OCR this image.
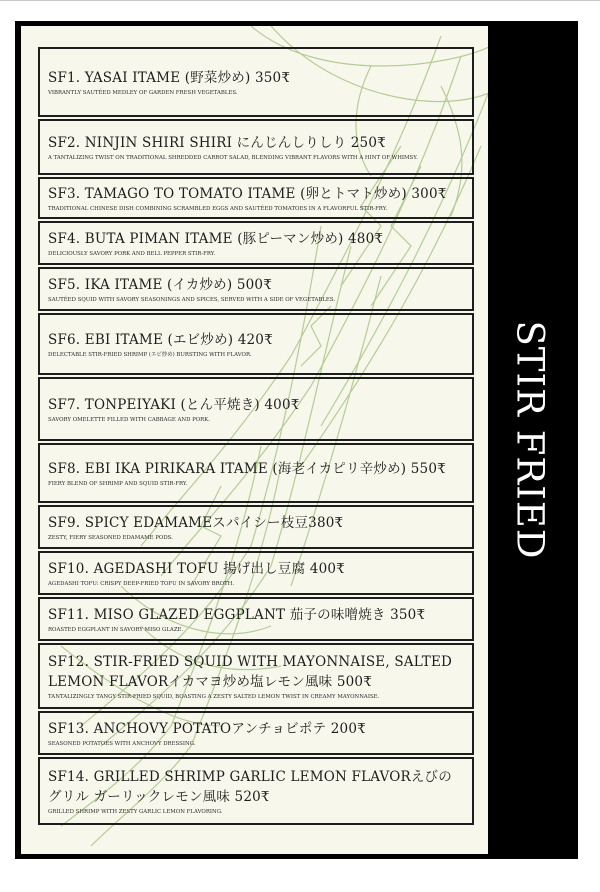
SF1. YASAI ITAME (野菜炒め) 350₹
VIBRANTLY SAUTÉED MEDLEY OF GARDEN FRESH VEGETABLES.
SF2. NINJIN SHIRI SHIRI にんじんしりしり 250₹
A TANTALIZING TWIST ON TRADITIONAL SHREDDED CARROT SALAD, BLENDING VIBRANT FLAVORS WITH A HINT OF WHIMSY.
SF3. TAMAGO TO TOMATO ITAME (卵とトマト炒め) 300₹
TRADITIONAL CHINESE DISH COMBINING SCRAMBLED EGGS AND SAUTÉED TOMATOES IN A FLAVORFUL STIR-FRY.
SF4. BUTA PIMAN ITAME (豚ピーマン炒め) 480₹
DELICIOUSLY SAVORY PORK AND BELL PEPPER STIR-FRY.
SF5. IKA ITAME (イカ炒め) 500₹
SAUTÉED SQUID WITH SAVORY SEASONINGS AND SPICES, SERVED WITH A SIDE OF VEGETABLES.
SF6. EBI ITAME (エビ炒め) 420₹
DELECTABLE STIR-FRIED SHRIMP (エビ炒め) BURSTING WITH FLAVOR.
SF7. TONPEIYAKI (とん平焼き) 400₹
SAVORY OMELETTE FILLED WITH CABBAGE AND PORK.
SF8. EBI IKA PIRIKARA ITAME (海老イカピリ辛炒め) 550₹
FIERY BLEND OF SHRIMP AND SQUID STIR-FRY.
SF9. SPICY EDAMAMEスパイシー枝豆380₹
ZESTY, FIERY SEASONED EDAMAME PODS.
SF10. AGEDASHI TOFU 揚げ出し豆腐 400₹
AGEDASHI TOFU: CRISPY DEEP-FRIED TOFU IN SAVORY BROTH.
SF11. MISO GLAZED EGGPLANT 茄子の味噌焼き 350₹
ROASTED EGGPLANT IN SAVORY MISO GLAZE.
SF12. STIR-FRIED SQUID WITH MAYONNAISE, SALTED LEMON FLAVORイカマヨ炒め塩レモン風味 500₹
TANTALIZINGLY TANGY STIR-FRIED SQUID, BOASTING A ZESTY SALTED LEMON TWIST IN CREAMY MAYONNAISE.
SF13. ANCHOVY POTATOアンチョビポテ 200₹
SEASONED POTATOES WITH ANCHOVY DRESSING.
SF14. GRILLED SHRIMP GARLIC LEMON FLAVORえびのグリル ガーリックレモン風味 520₹
GRILLED SHRIMP WITH ZESTY GARLIC LEMON FLAVORING.
STIR FRIED
